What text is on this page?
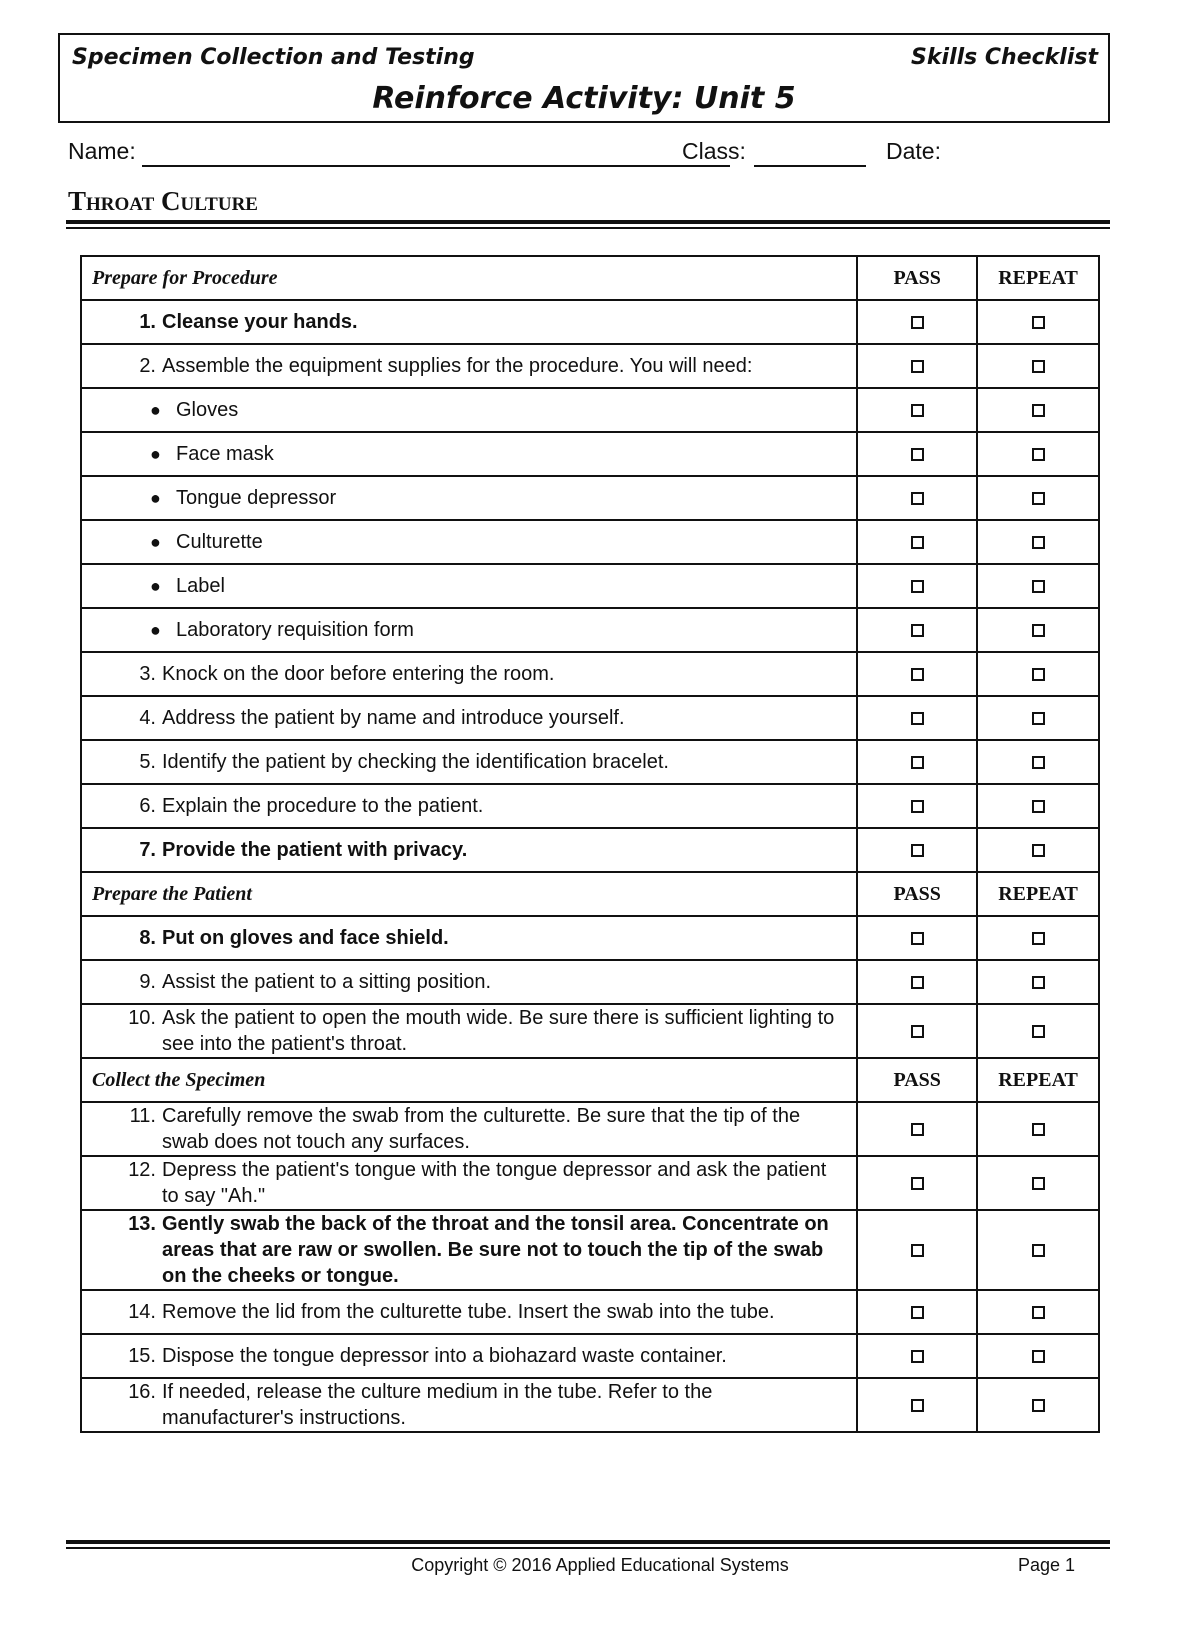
Specimen Collection and Testing	Skills Checklist
Reinforce Activity: Unit 5
Name:	Class:	Date:
Throat Culture
Prepare for Procedure	PASS	REPEAT

1. Cleanse your hands.		

2. Assemble the equipment supplies for the procedure. You will need:		

● Gloves		
● Face mask		
● Tongue depressor		
● Culturette		
● Label		
● Laboratory requisition form		

3. Knock on the door before entering the room.		

4. Address the patient by name and introduce yourself.		

5. Identify the patient by checking the identification bracelet.		

6. Explain the procedure to the patient.		

7. Provide the patient with privacy.		

Prepare the Patient	PASS	REPEAT

8. Put on gloves and face shield.		

9. Assist the patient to a sitting position.		

10. Ask the patient to open the mouth wide. Be sure there is sufficient lighting to see into the patient's throat.		

Collect the Specimen	PASS	REPEAT

11. Carefully remove the swab from the culturette. Be sure that the tip of the swab does not touch any surfaces.		

12. Depress the patient's tongue with the tongue depressor and ask the patient to say "Ah."		

13. Gently swab the back of the throat and the tonsil area. Concentrate on areas that are raw or swollen. Be sure not to touch the tip of the swab on the cheeks or tongue.		

14. Remove the lid from the culturette tube. Insert the swab into the tube.		

15. Dispose the tongue depressor into a biohazard waste container.		

16. If needed, release the culture medium in the tube. Refer to the manufacturer's instructions.		

Copyright © 2016 Applied Educational Systems	Page 1
